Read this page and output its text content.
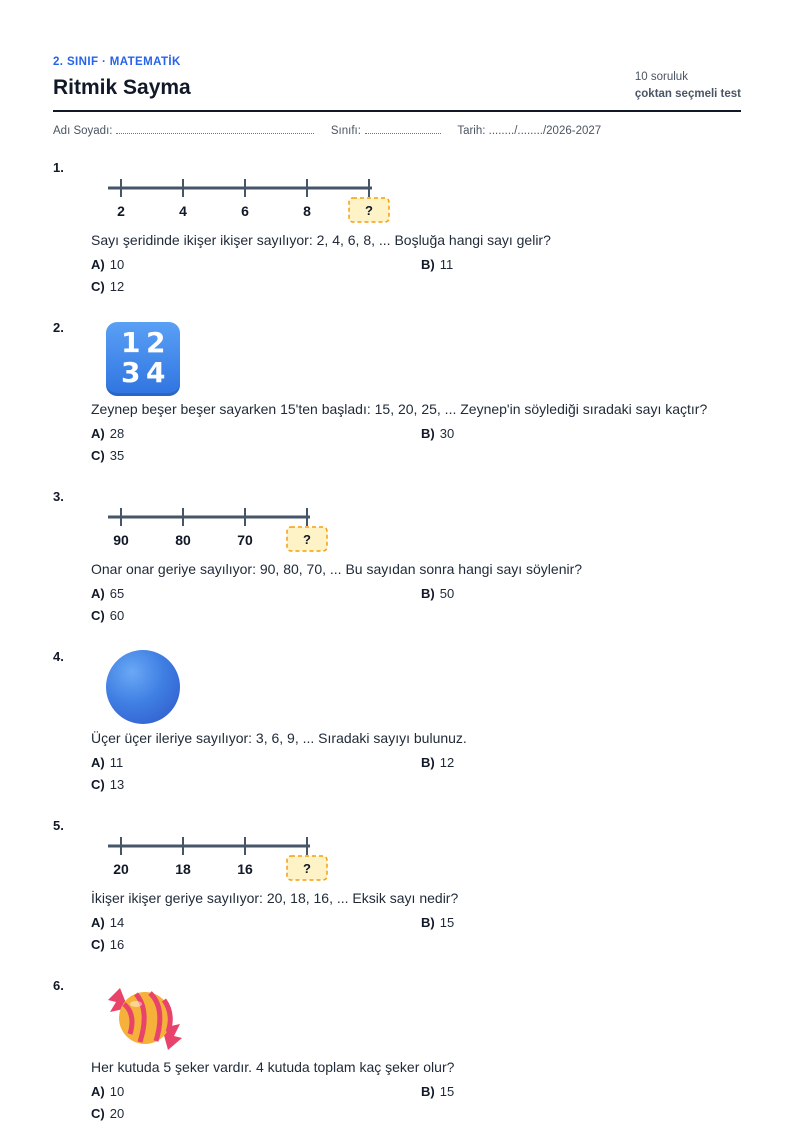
2. SINIF · MATEMATİK
Ritmik Sayma	10 soruluk
çoktan seçmeli test
Adı Soyadı:	Sınıfı:	Tarih: ......../......../2026-2027
1.
2	4	6	8	?
Sayı şeridinde ikişer ikişer sayılıyor: 2, 4, 6, 8, ... Boşluğa hangi sayı gelir?
A) 10	B) 11
C) 12
2. 1 2
3 4
Zeynep beşer beşer sayarken 15'ten başladı: 15, 20, 25, ... Zeynep'in söylediği sıradaki sayı kaçtır?
A) 28	B) 30
C) 35
3.
90	80	70	?
Onar onar geriye sayılıyor: 90, 80, 70, ... Bu sayıdan sonra hangi sayı söylenir?
A) 65	B) 50
C) 60
4.
Üçer üçer ileriye sayılıyor: 3, 6, 9, ... Sıradaki sayıyı bulunuz.
A) 11	B) 12
C) 13
5.
20	18	16	?
İkişer ikişer geriye sayılıyor: 20, 18, 16, ... Eksik sayı nedir?
A) 14	B) 15
C) 16
6.
Her kutuda 5 şeker vardır. 4 kutuda toplam kaç şeker olur?
A) 10	B) 15
C) 20
